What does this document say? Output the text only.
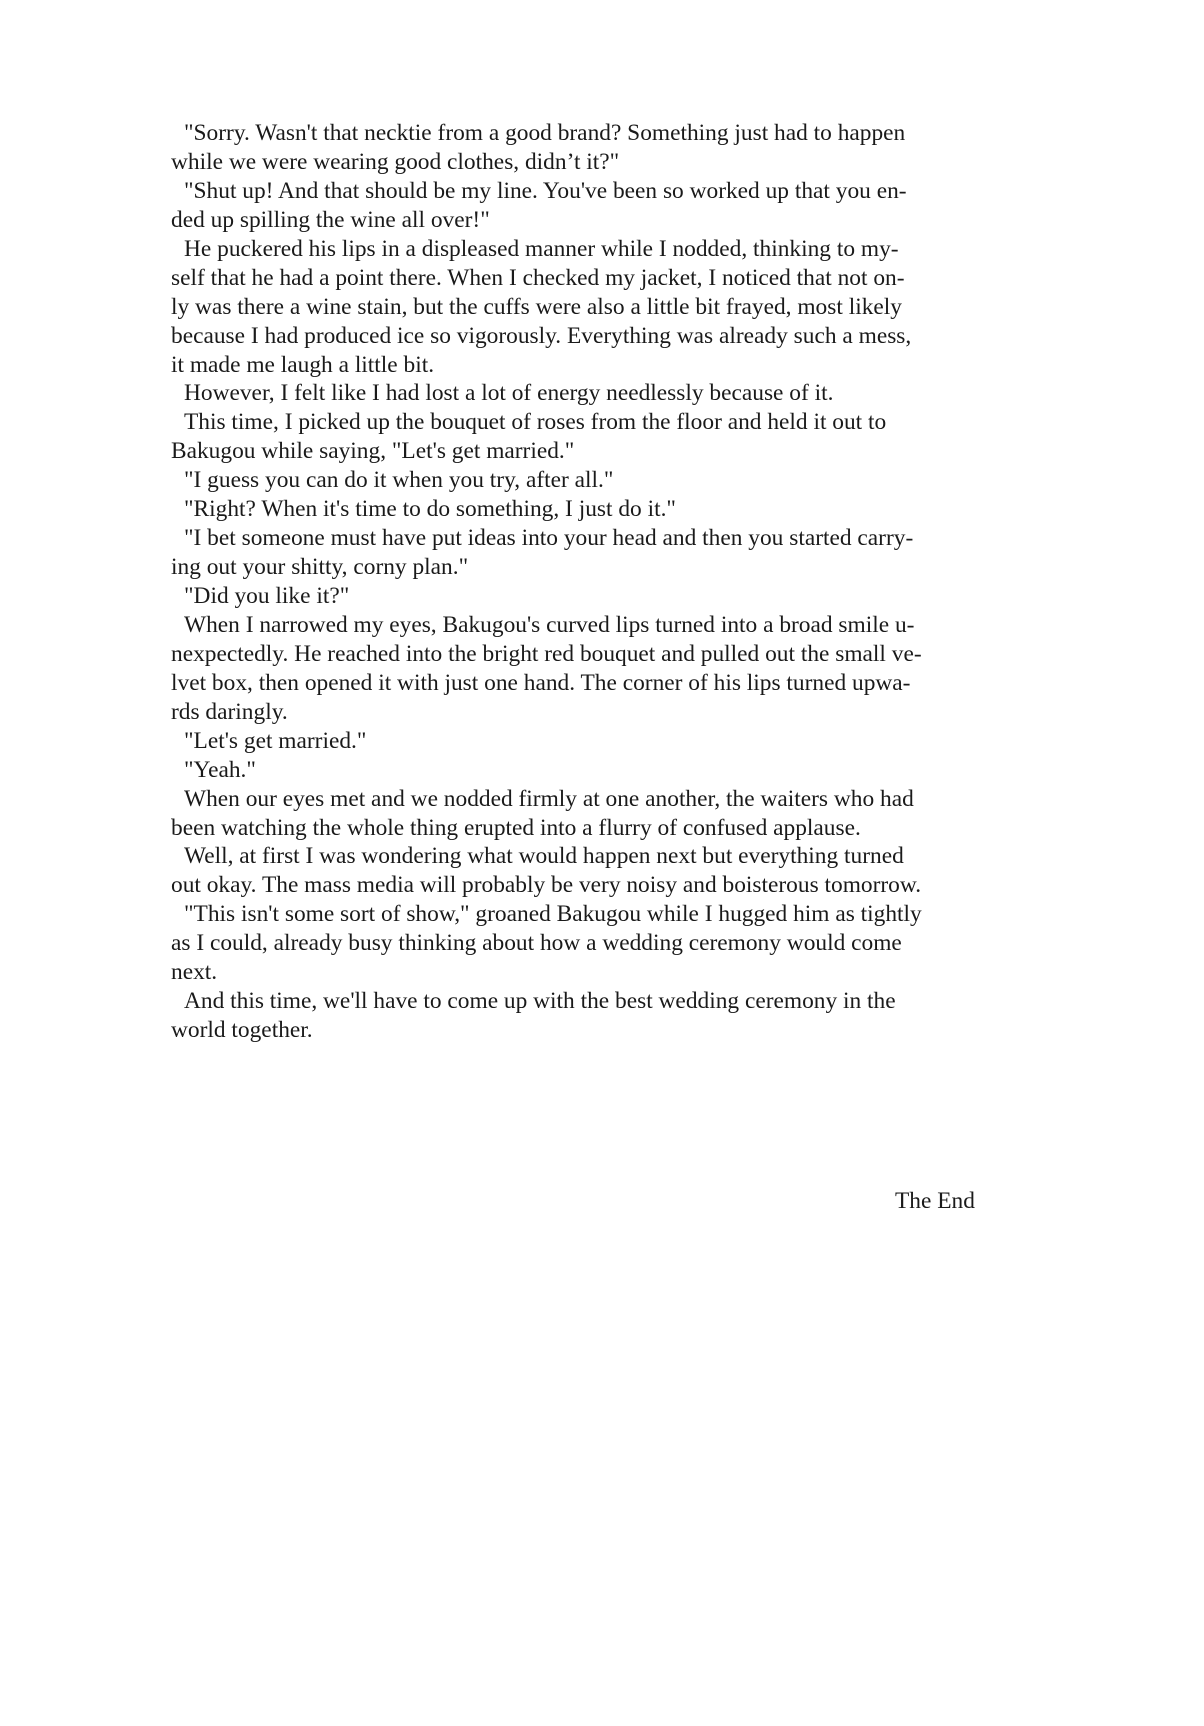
"Sorry. Wasn't that necktie from a good brand? Something just had to happen
while we were wearing good clothes, didn’t it?"
"Shut up! And that should be my line. You've been so worked up that you en-
ded up spilling the wine all over!"
He puckered his lips in a displeased manner while I nodded, thinking to my-
self that he had a point there. When I checked my jacket, I noticed that not on-
ly was there a wine stain, but the cuffs were also a little bit frayed, most likely
because I had produced ice so vigorously. Everything was already such a mess,
it made me laugh a little bit.
However, I felt like I had lost a lot of energy needlessly because of it.
This time, I picked up the bouquet of roses from the floor and held it out to
Bakugou while saying, "Let's get married."
"I guess you can do it when you try, after all."
"Right? When it's time to do something, I just do it."
"I bet someone must have put ideas into your head and then you started carry-
ing out your shitty, corny plan."
"Did you like it?"
When I narrowed my eyes, Bakugou's curved lips turned into a broad smile u-
nexpectedly. He reached into the bright red bouquet and pulled out the small ve-
lvet box, then opened it with just one hand. The corner of his lips turned upwa-
rds daringly.
"Let's get married."
"Yeah."
When our eyes met and we nodded firmly at one another, the waiters who had
been watching the whole thing erupted into a flurry of confused applause.
Well, at first I was wondering what would happen next but everything turned
out okay. The mass media will probably be very noisy and boisterous tomorrow.
"This isn't some sort of show," groaned Bakugou while I hugged him as tightly
as I could, already busy thinking about how a wedding ceremony would come
next.
And this time, we'll have to come up with the best wedding ceremony in the
world together.
The End
